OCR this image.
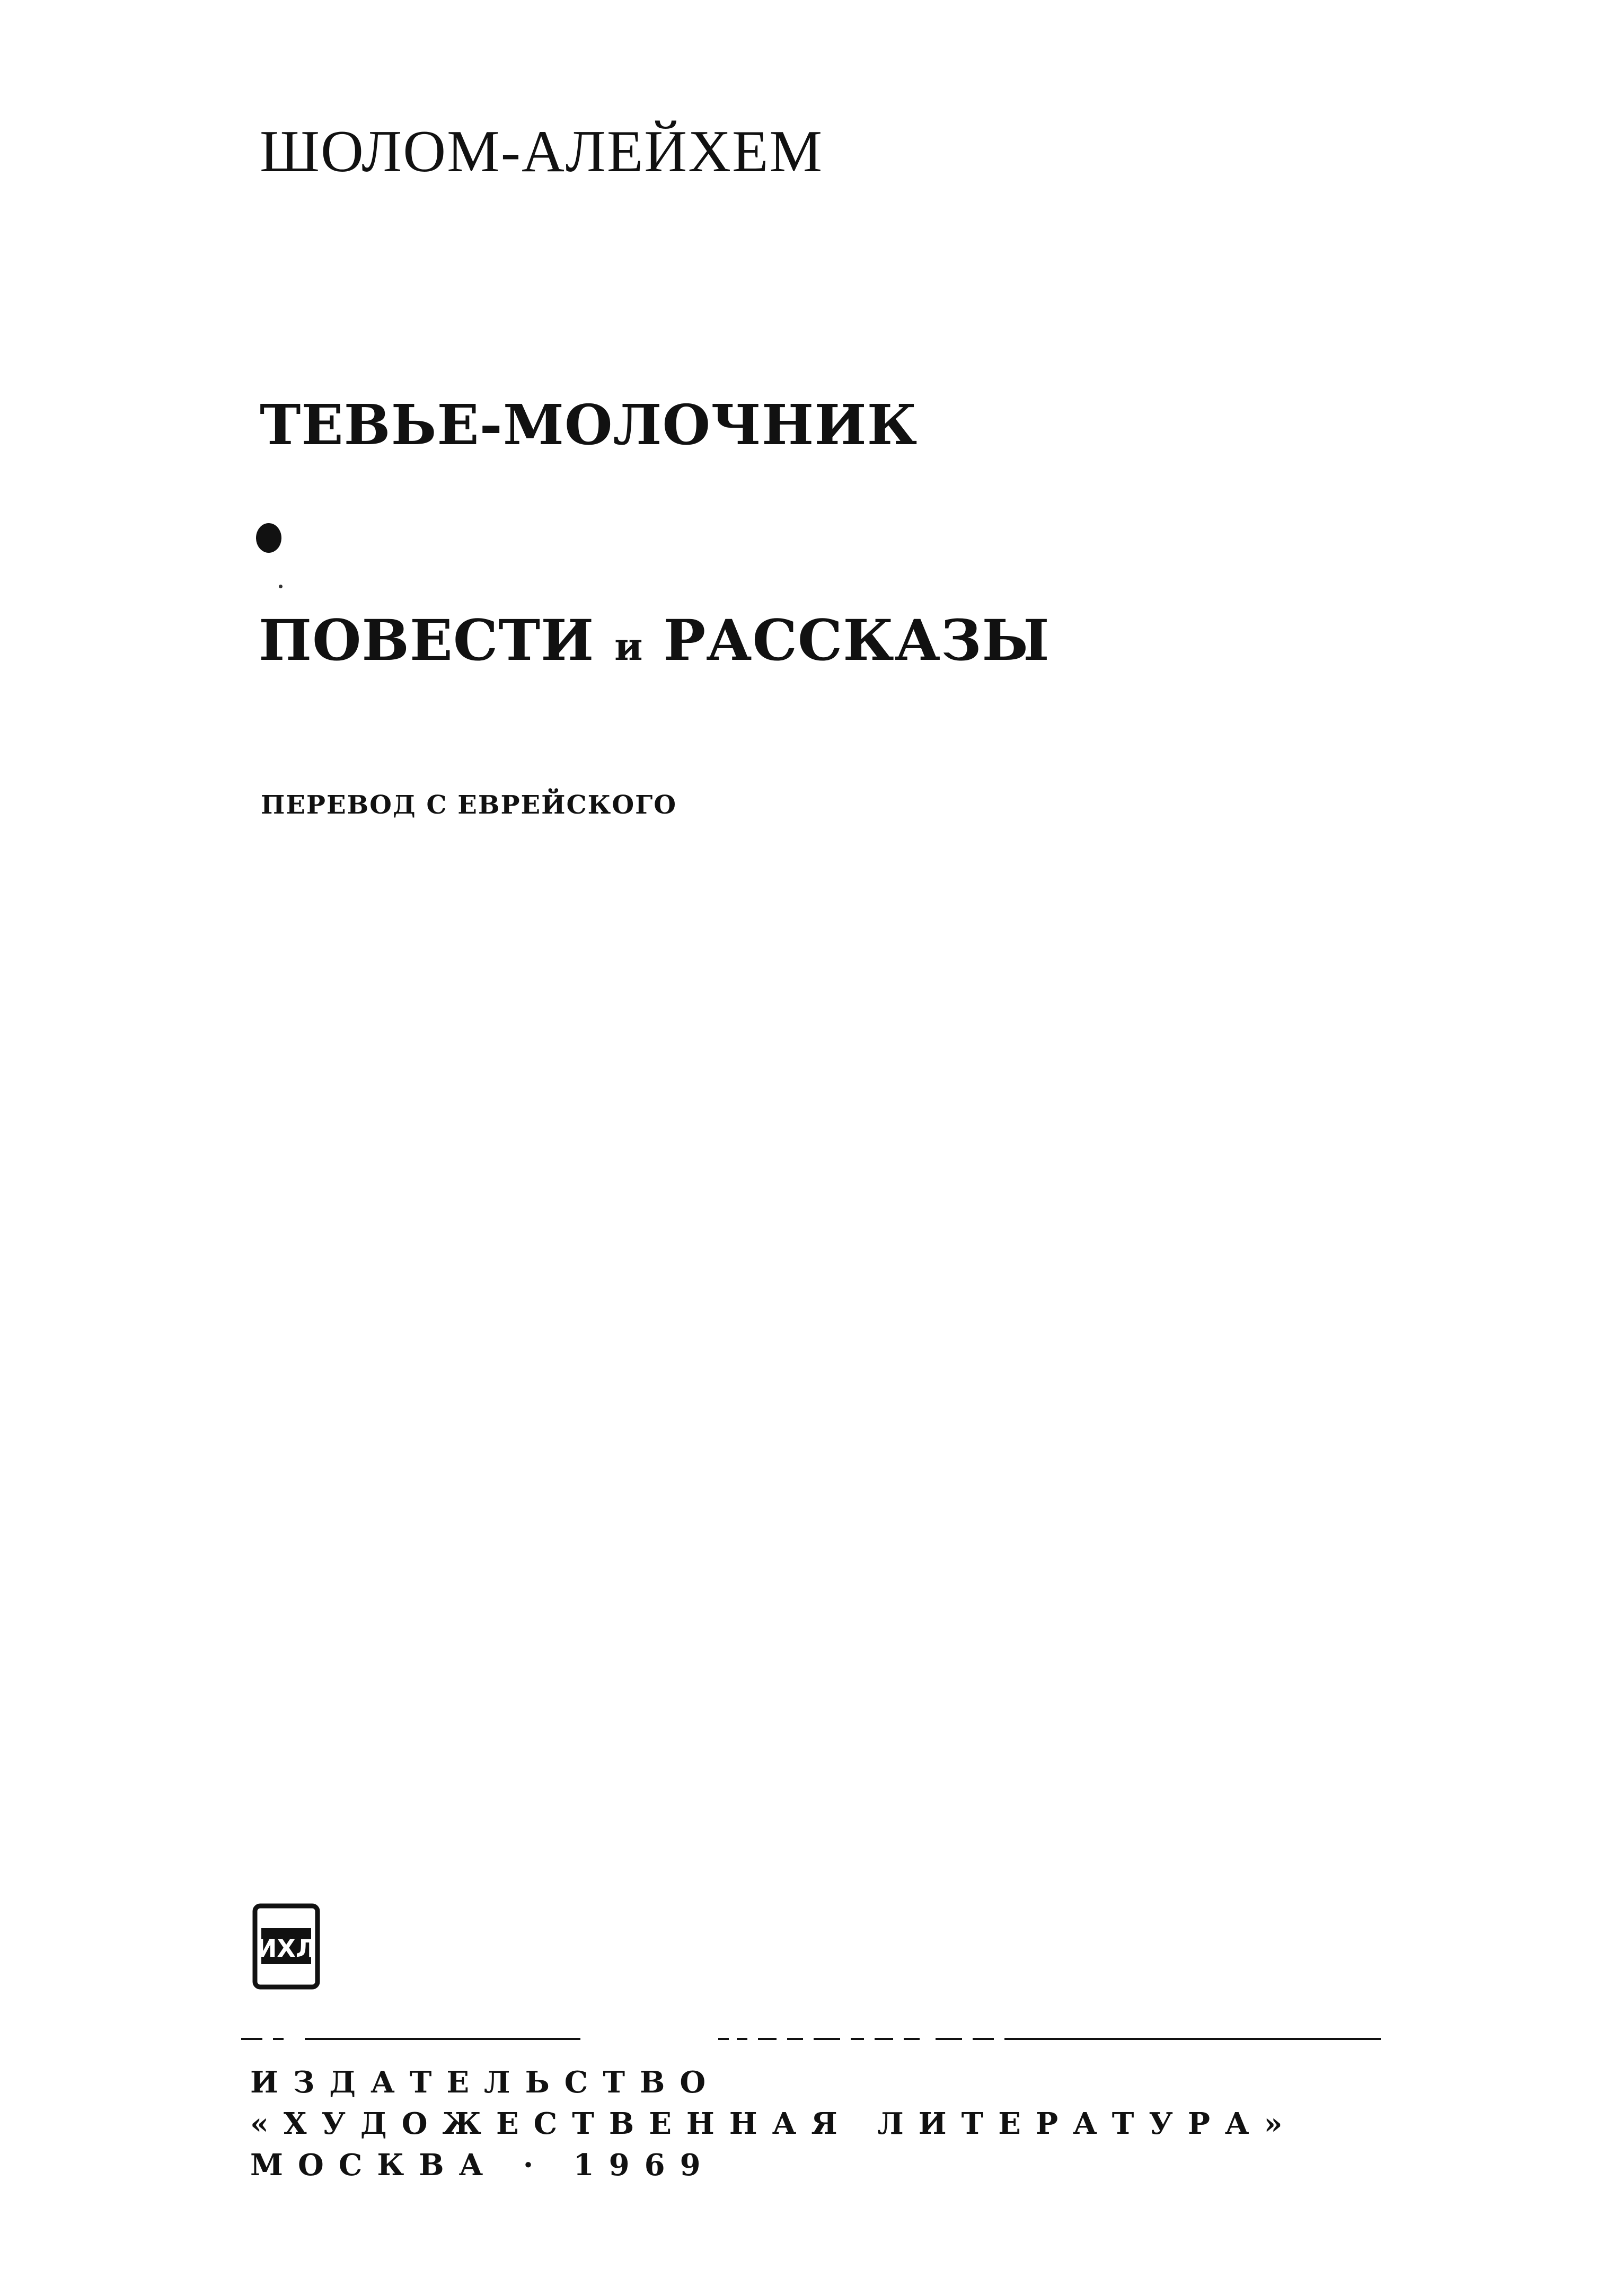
ШОЛОМ-АЛЕЙХЕМ
ТЕВЬЕ-МОЛОЧНИК
ПОВЕСТИ и РАССКАЗЫ
ПЕРЕВОД С ЕВРЕЙСКОГО
ИХЛ
ИЗДАТЕЛЬСТВО
«ХУДОЖЕСТВЕННАЯ ЛИТЕРАТУРА»
МОСКВА · 1969
